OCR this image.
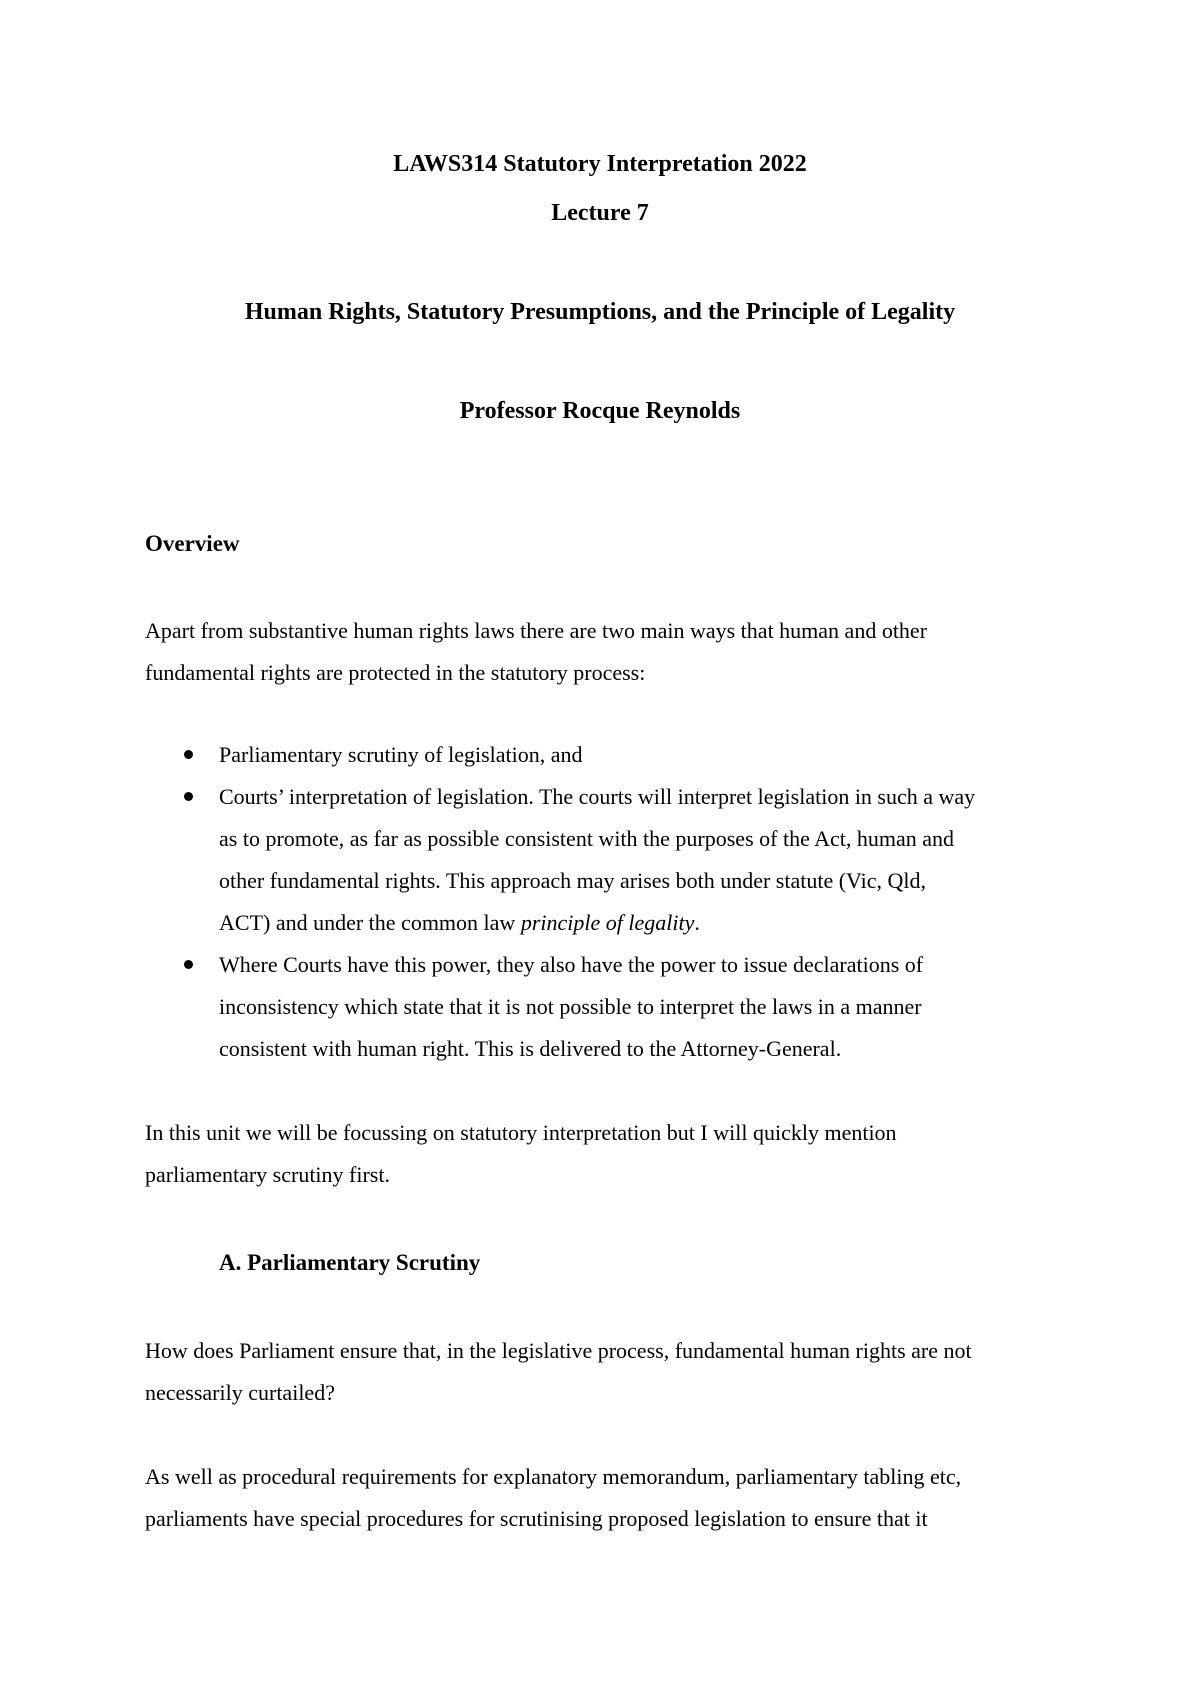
LAWS314 Statutory Interpretation 2022
Lecture 7
Human Rights, Statutory Presumptions, and the Principle of Legality
Professor Rocque Reynolds
Overview
Apart from substantive human rights laws there are two main ways that human and other
fundamental rights are protected in the statutory process:
Parliamentary scrutiny of legislation, and
Courts’ interpretation of legislation. The courts will interpret legislation in such a way
as to promote, as far as possible consistent with the purposes of the Act, human and
other fundamental rights. This approach may arises both under statute (Vic, Qld,
ACT) and under the common law principle of legality.
Where Courts have this power, they also have the power to issue declarations of
inconsistency which state that it is not possible to interpret the laws in a manner
consistent with human right. This is delivered to the Attorney-General.
In this unit we will be focussing on statutory interpretation but I will quickly mention
parliamentary scrutiny first.
A. Parliamentary Scrutiny
How does Parliament ensure that, in the legislative process, fundamental human rights are not
necessarily curtailed?
As well as procedural requirements for explanatory memorandum, parliamentary tabling etc,
parliaments have special procedures for scrutinising proposed legislation to ensure that it
